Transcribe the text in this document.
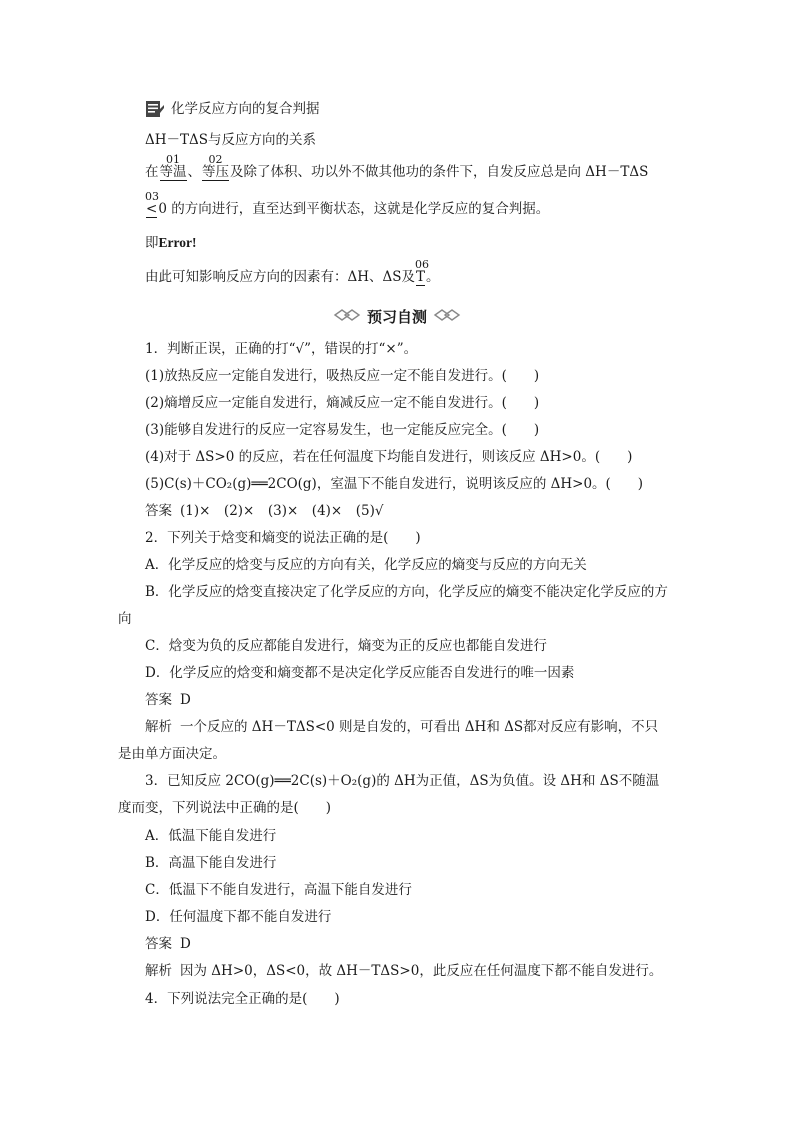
化学反应方向的复合判据
ΔH－TΔS与反应方向的关系
在
01
等温、
02
等压及除了体积、功以外不做其他功的条件下，自发反应总是向 ΔH－TΔS
03
<0 的方向进行，直至达到平衡状态，这就是化学反应的复合判据。
即Error!
由此可知影响反应方向的因素有：ΔH、ΔS及
06
T。
预习自测
1．判断正误，正确的打“√”，错误的打“×”。
(1)放热反应一定能自发进行，吸热反应一定不能自发进行。(　　)
(2)熵增反应一定能自发进行，熵减反应一定不能自发进行。(　　)
(3)能够自发进行的反应一定容易发生，也一定能反应完全。(　　)
(4)对于 ΔS>0 的反应，若在任何温度下均能自发进行，则该反应 ΔH>0。(　　)
(5)C(s)＋CO₂(g)══2CO(g)，室温下不能自发进行，说明该反应的 ΔH>0。(　　)
答案 (1)×　(2)×　(3)×　(4)×　(5)√
2．下列关于焓变和熵变的说法正确的是(　　)
A．化学反应的焓变与反应的方向有关，化学反应的熵变与反应的方向无关
B．化学反应的焓变直接决定了化学反应的方向，化学反应的熵变不能决定化学反应的方
向
C．焓变为负的反应都能自发进行，熵变为正的反应也都能自发进行
D．化学反应的焓变和熵变都不是决定化学反应能否自发进行的唯一因素
答案 D
解析 一个反应的 ΔH－TΔS<0 则是自发的，可看出 ΔH和 ΔS都对反应有影响，不只
是由单方面决定。
3．已知反应 2CO(g)══2C(s)＋O₂(g)的 ΔH为正值，ΔS为负值。设 ΔH和 ΔS不随温
度而变，下列说法中正确的是(　　)
A．低温下能自发进行
B．高温下能自发进行
C．低温下不能自发进行，高温下能自发进行
D．任何温度下都不能自发进行
答案 D
解析 因为 ΔH>0，ΔS<0，故 ΔH－TΔS>0，此反应在任何温度下都不能自发进行。
4．下列说法完全正确的是(　　)
